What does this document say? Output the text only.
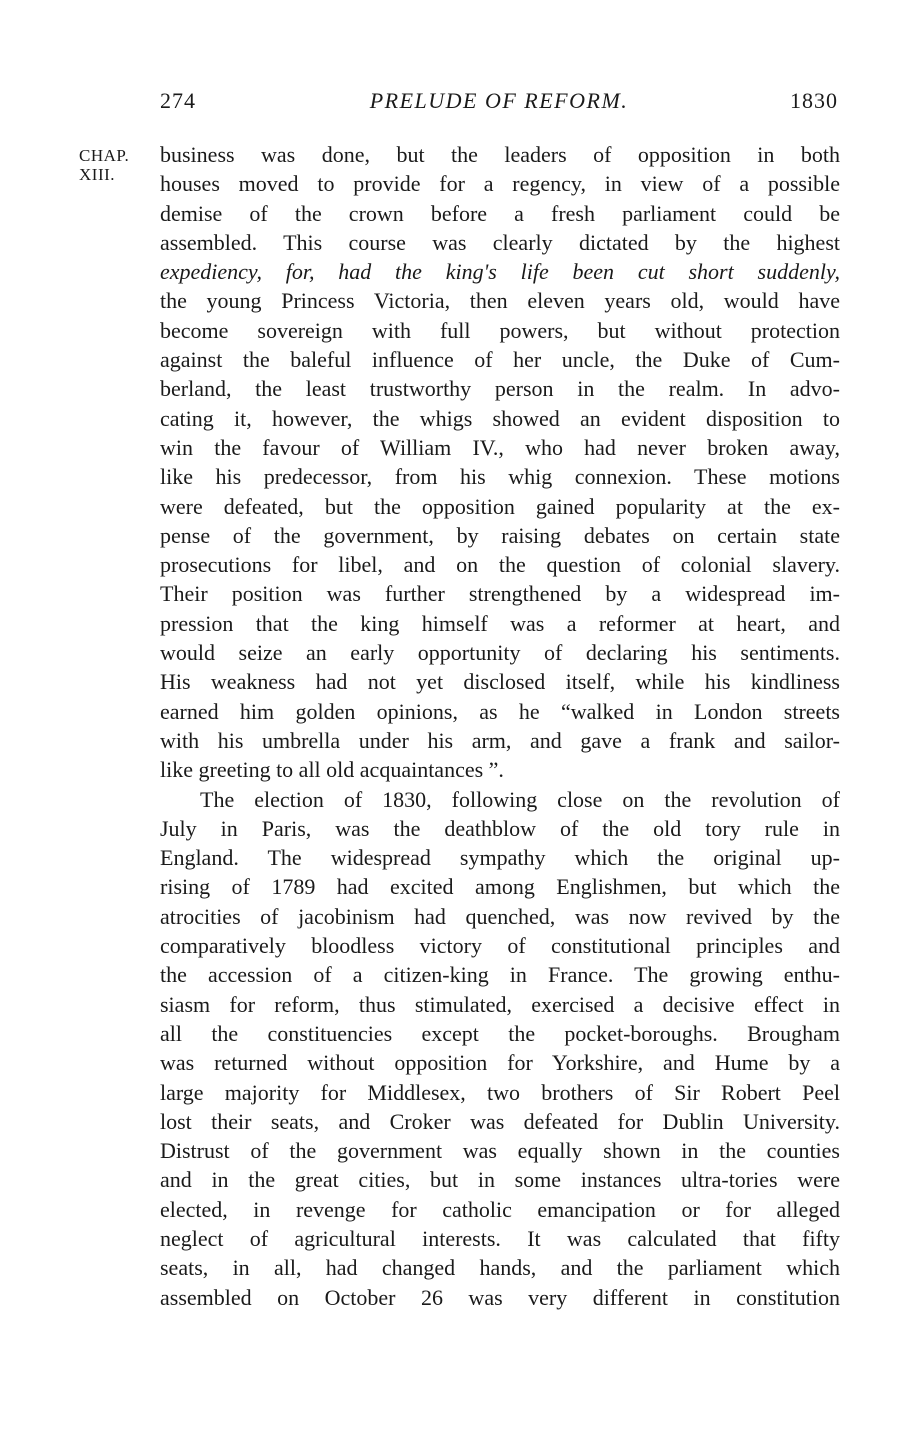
274	PRELUDE OF REFORM.	1830
CHAP.
XIII.
business was done, but the leaders of opposition in both
houses moved to provide for a regency, in view of a possible
demise of the crown before a fresh parliament could be
assembled. This course was clearly dictated by the highest
expediency, for, had the king's life been cut short suddenly,
the young Princess Victoria, then eleven years old, would have
become sovereign with full powers, but without protection
against the baleful influence of her uncle, the Duke of Cum-
berland, the least trustworthy person in the realm. In advo-
cating it, however, the whigs showed an evident disposition to
win the favour of William IV., who had never broken away,
like his predecessor, from his whig connexion. These motions
were defeated, but the opposition gained popularity at the ex-
pense of the government, by raising debates on certain state
prosecutions for libel, and on the question of colonial slavery.
Their position was further strengthened by a widespread im-
pression that the king himself was a reformer at heart, and
would seize an early opportunity of declaring his sentiments.
His weakness had not yet disclosed itself, while his kindliness
earned him golden opinions, as he “walked in London streets
with his umbrella under his arm, and gave a frank and sailor-
like greeting to all old acquaintances ”.
The election of 1830, following close on the revolution of
July in Paris, was the deathblow of the old tory rule in
England. The widespread sympathy which the original up-
rising of 1789 had excited among Englishmen, but which the
atrocities of jacobinism had quenched, was now revived by the
comparatively bloodless victory of constitutional principles and
the accession of a citizen-king in France. The growing enthu-
siasm for reform, thus stimulated, exercised a decisive effect in
all the constituencies except the pocket-boroughs. Brougham
was returned without opposition for Yorkshire, and Hume by a
large majority for Middlesex, two brothers of Sir Robert Peel
lost their seats, and Croker was defeated for Dublin University.
Distrust of the government was equally shown in the counties
and in the great cities, but in some instances ultra-tories were
elected, in revenge for catholic emancipation or for alleged
neglect of agricultural interests. It was calculated that fifty
seats, in all, had changed hands, and the parliament which
assembled on October 26 was very different in constitution
